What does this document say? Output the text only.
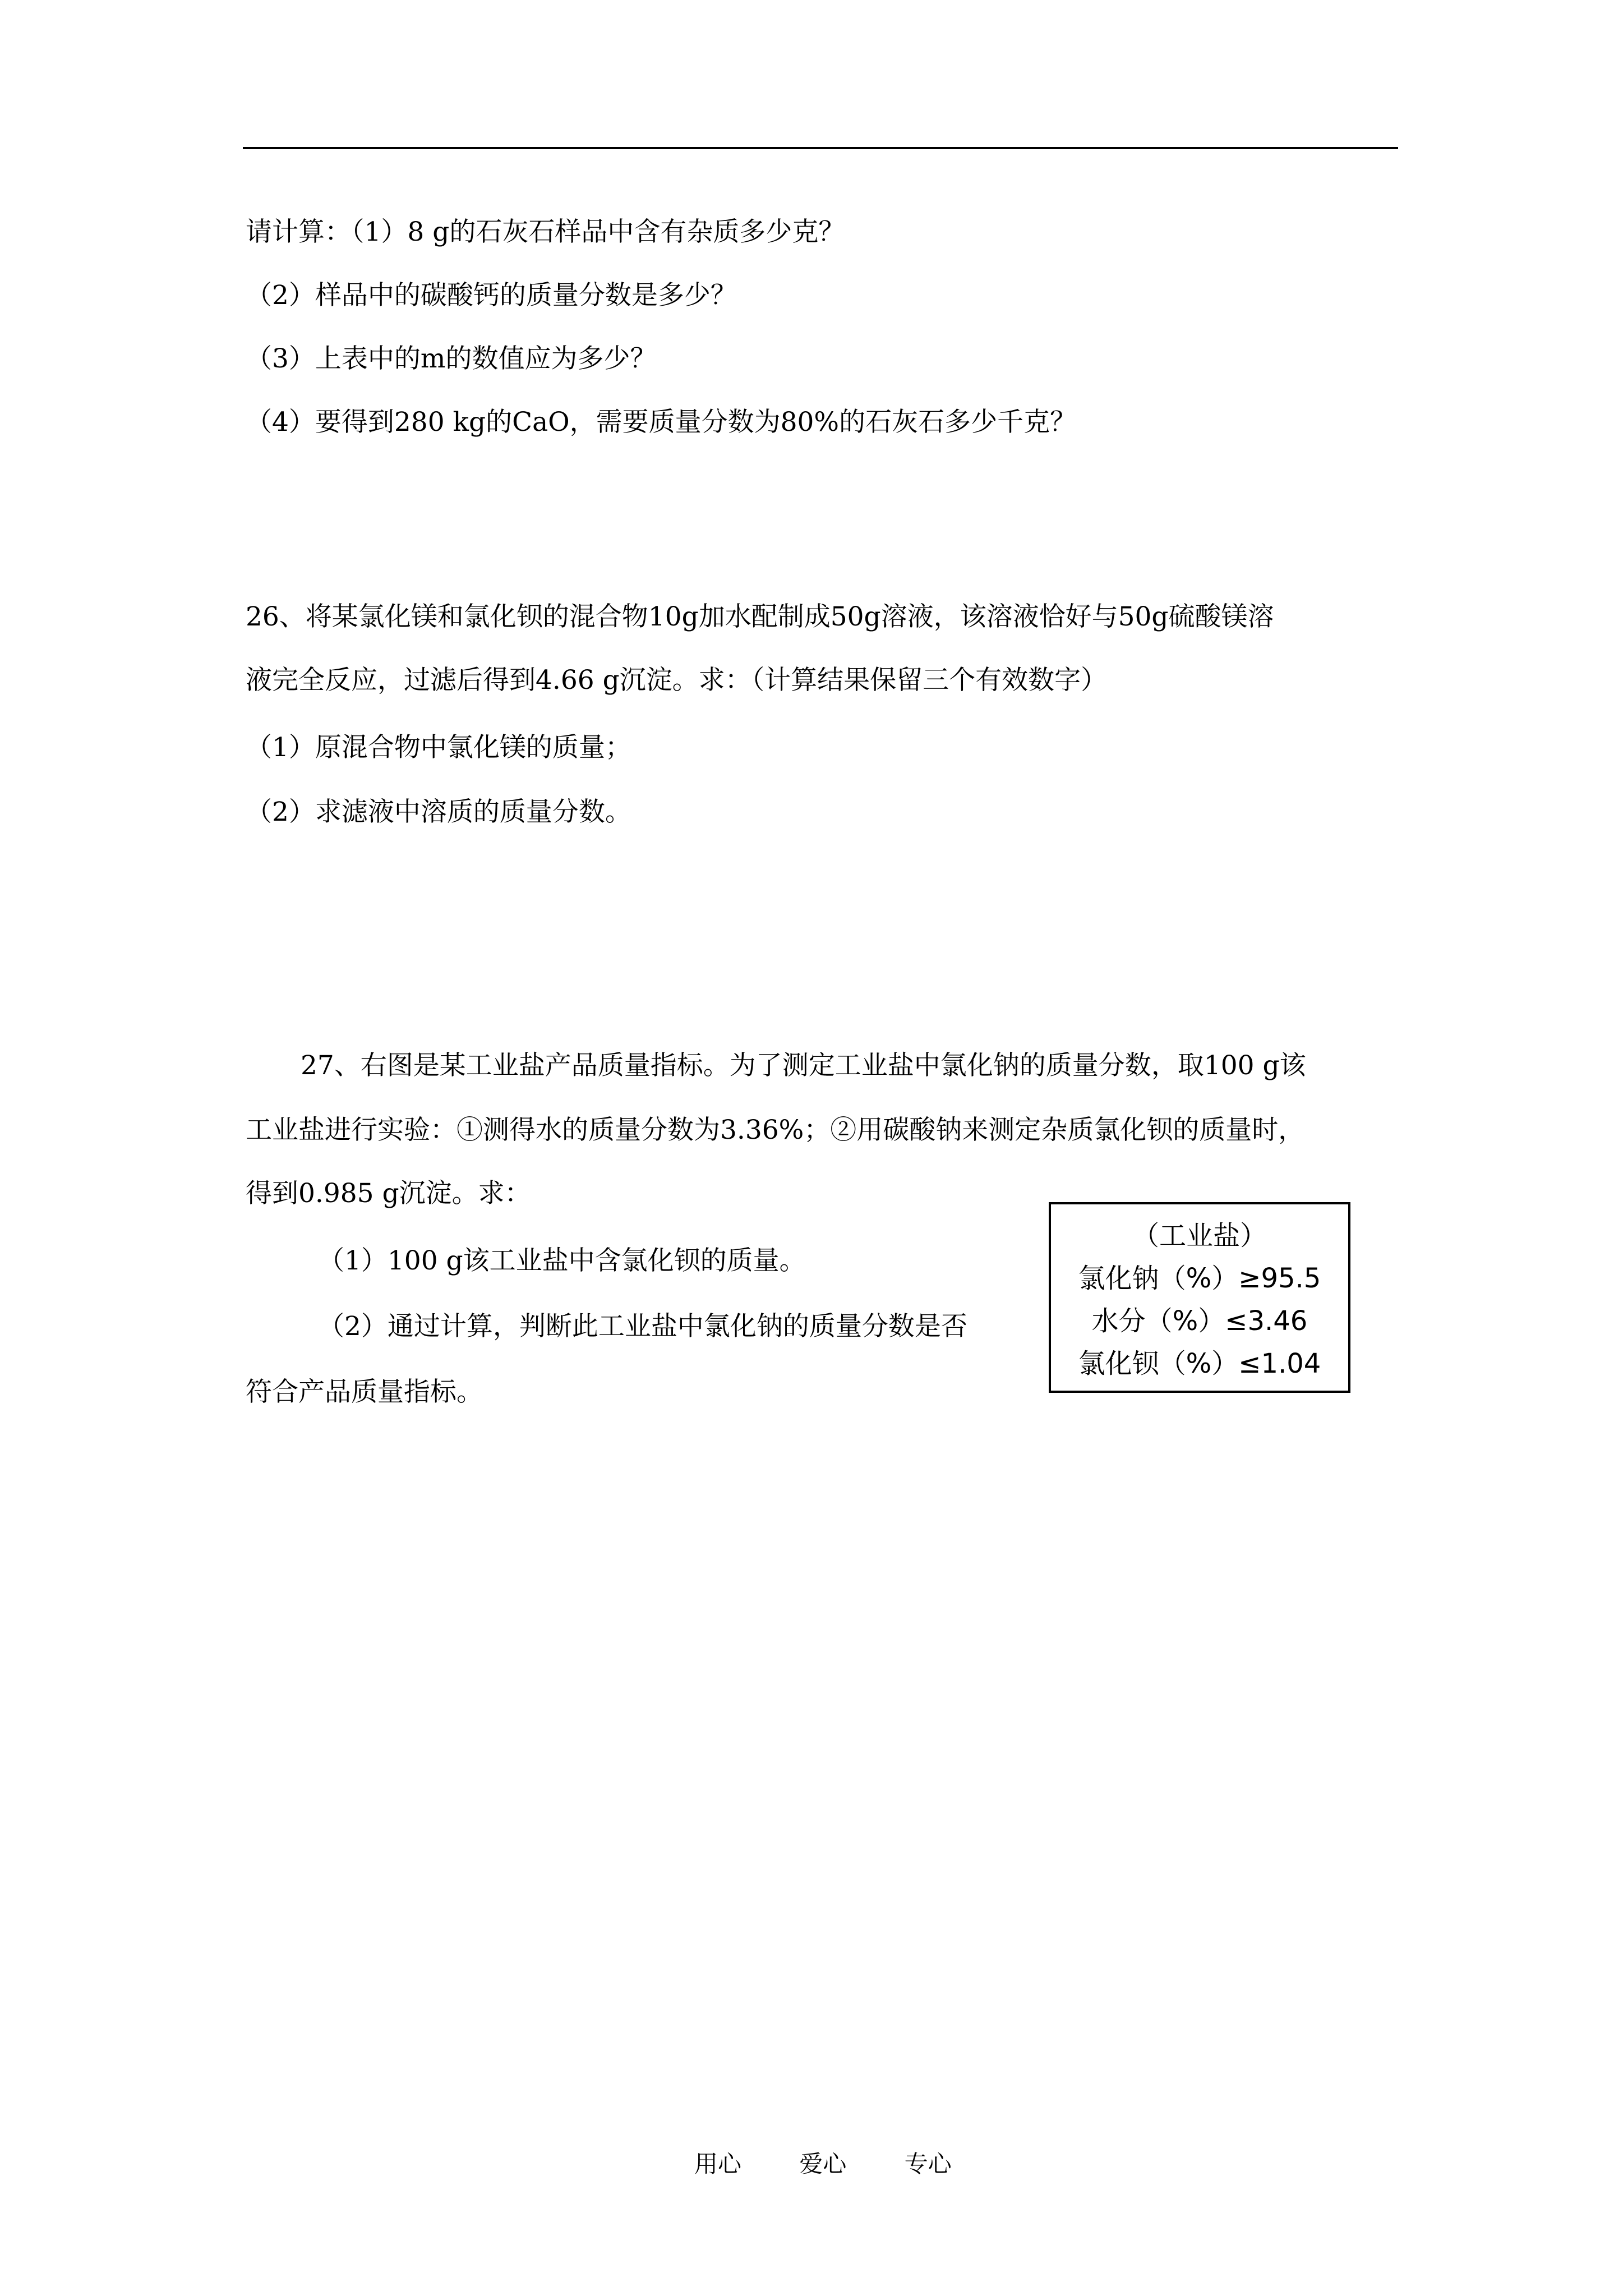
请计算：（1）8 g的石灰石样品中含有杂质多少克？
（2）样品中的碳酸钙的质量分数是多少？
（3）上表中的m的数值应为多少？
（4）要得到280 kg的CaO，需要质量分数为80%的石灰石多少千克？
26、将某氯化镁和氯化钡的混合物10g加水配制成50g溶液，该溶液恰好与50g硫酸镁溶
液完全反应，过滤后得到4.66 g沉淀。求：（计算结果保留三个有效数字）
（1）原混合物中氯化镁的质量；
（2）求滤液中溶质的质量分数。
27、右图是某工业盐产品质量指标。为了测定工业盐中氯化钠的质量分数，取100 g该
工业盐进行实验：①测得水的质量分数为3.36%；②用碳酸钠来测定杂质氯化钡的质量时，
得到0.985 g沉淀。求：
（1）100 g该工业盐中含氯化钡的质量。
（2）通过计算，判断此工业盐中氯化钠的质量分数是否
符合产品质量指标。
（工业盐）
氯化钠（%）≥95.5
水分（%）≤3.46
氯化钡（%）≤1.04
用心 爱心 专心
